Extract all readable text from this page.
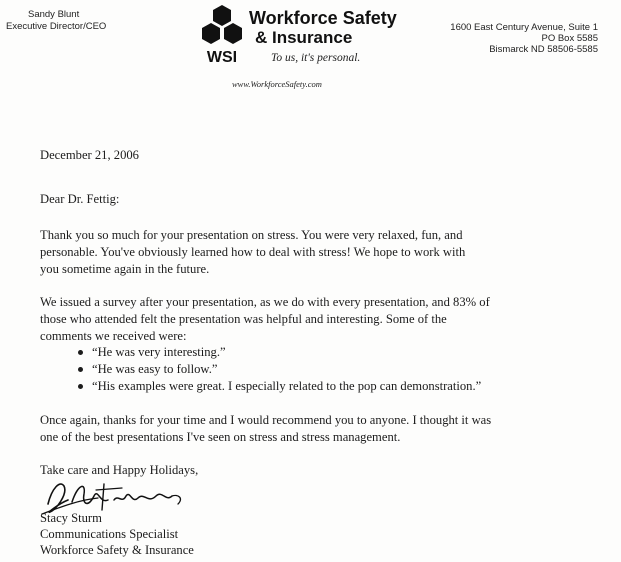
Sandy Blunt
Executive Director/CEO
WSI
Workforce Safety
& Insurance
To us, it's personal.
www.WorkforceSafety.com
1600 East Century Avenue, Suite 1
PO Box 5585
Bismarck ND 58506-5585
December 21, 2006
Dear Dr. Fettig:
Thank you so much for your presentation on stress. You were very relaxed, fun, and
personable. You've obviously learned how to deal with stress! We hope to work with
you sometime again in the future.
We issued a survey after your presentation, as we do with every presentation, and 83% of
those who attended felt the presentation was helpful and interesting. Some of the
comments we received were:
“He was very interesting.”
“He was easy to follow.”
“His examples were great. I especially related to the pop can demonstration.”
Once again, thanks for your time and I would recommend you to anyone. I thought it was
one of the best presentations I've seen on stress and stress management.
Take care and Happy Holidays,
Stacy Sturm
Communications Specialist
Workforce Safety & Insurance
